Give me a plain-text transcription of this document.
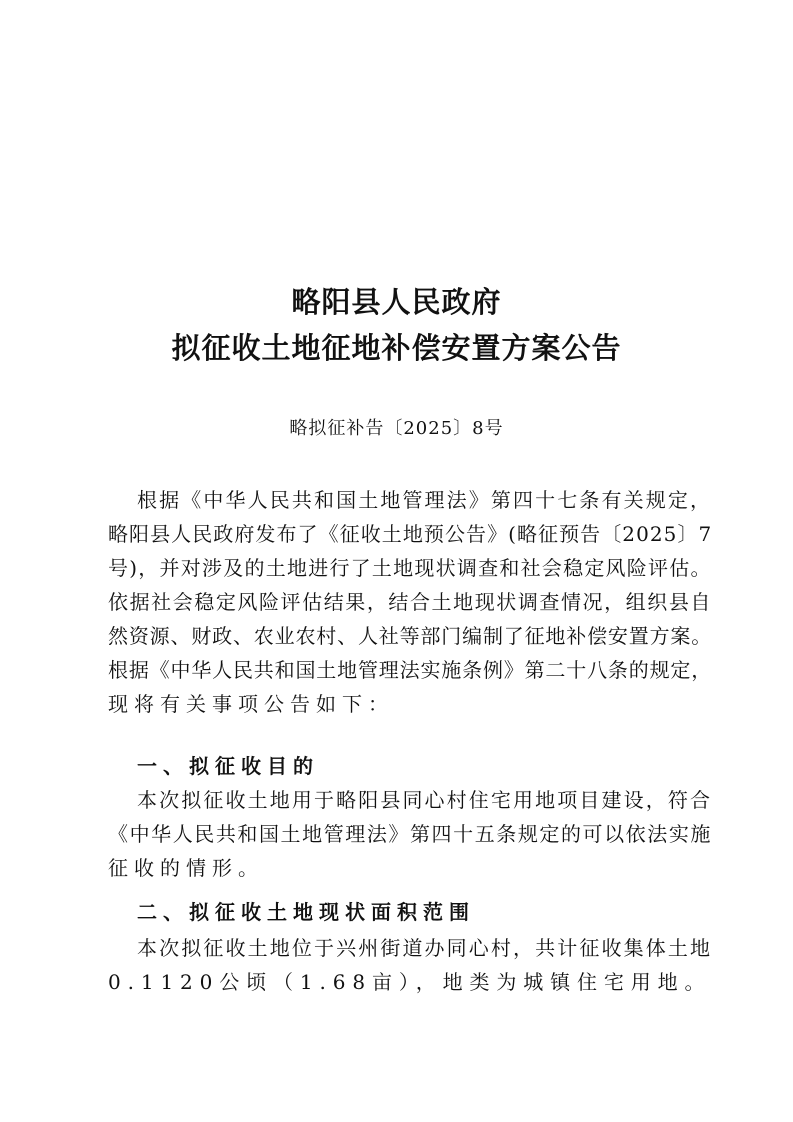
略阳县人民政府
拟征收土地征地补偿安置方案公告
略拟征补告〔2025〕8号
根据《中华人民共和国土地管理法》第四十七条有关规定，
略阳县人民政府发布了《征收土地预公告》(略征预告〔2025〕7
号)，并对涉及的土地进行了土地现状调查和社会稳定风险评估。
依据社会稳定风险评估结果，结合土地现状调查情况，组织县自
然资源、财政、农业农村、人社等部门编制了征地补偿安置方案。
根据《中华人民共和国土地管理法实施条例》第二十八条的规定，
现将有关事项公告如下：
一、拟征收目的
本次拟征收土地用于略阳县同心村住宅用地项目建设，符合
《中华人民共和国土地管理法》第四十五条规定的可以依法实施
征收的情形。
二、拟征收土地现状面积范围
本次拟征收土地位于兴州街道办同心村，共计征收集体土地
0.1120公顷（1.68亩），地类为城镇住宅用地。
